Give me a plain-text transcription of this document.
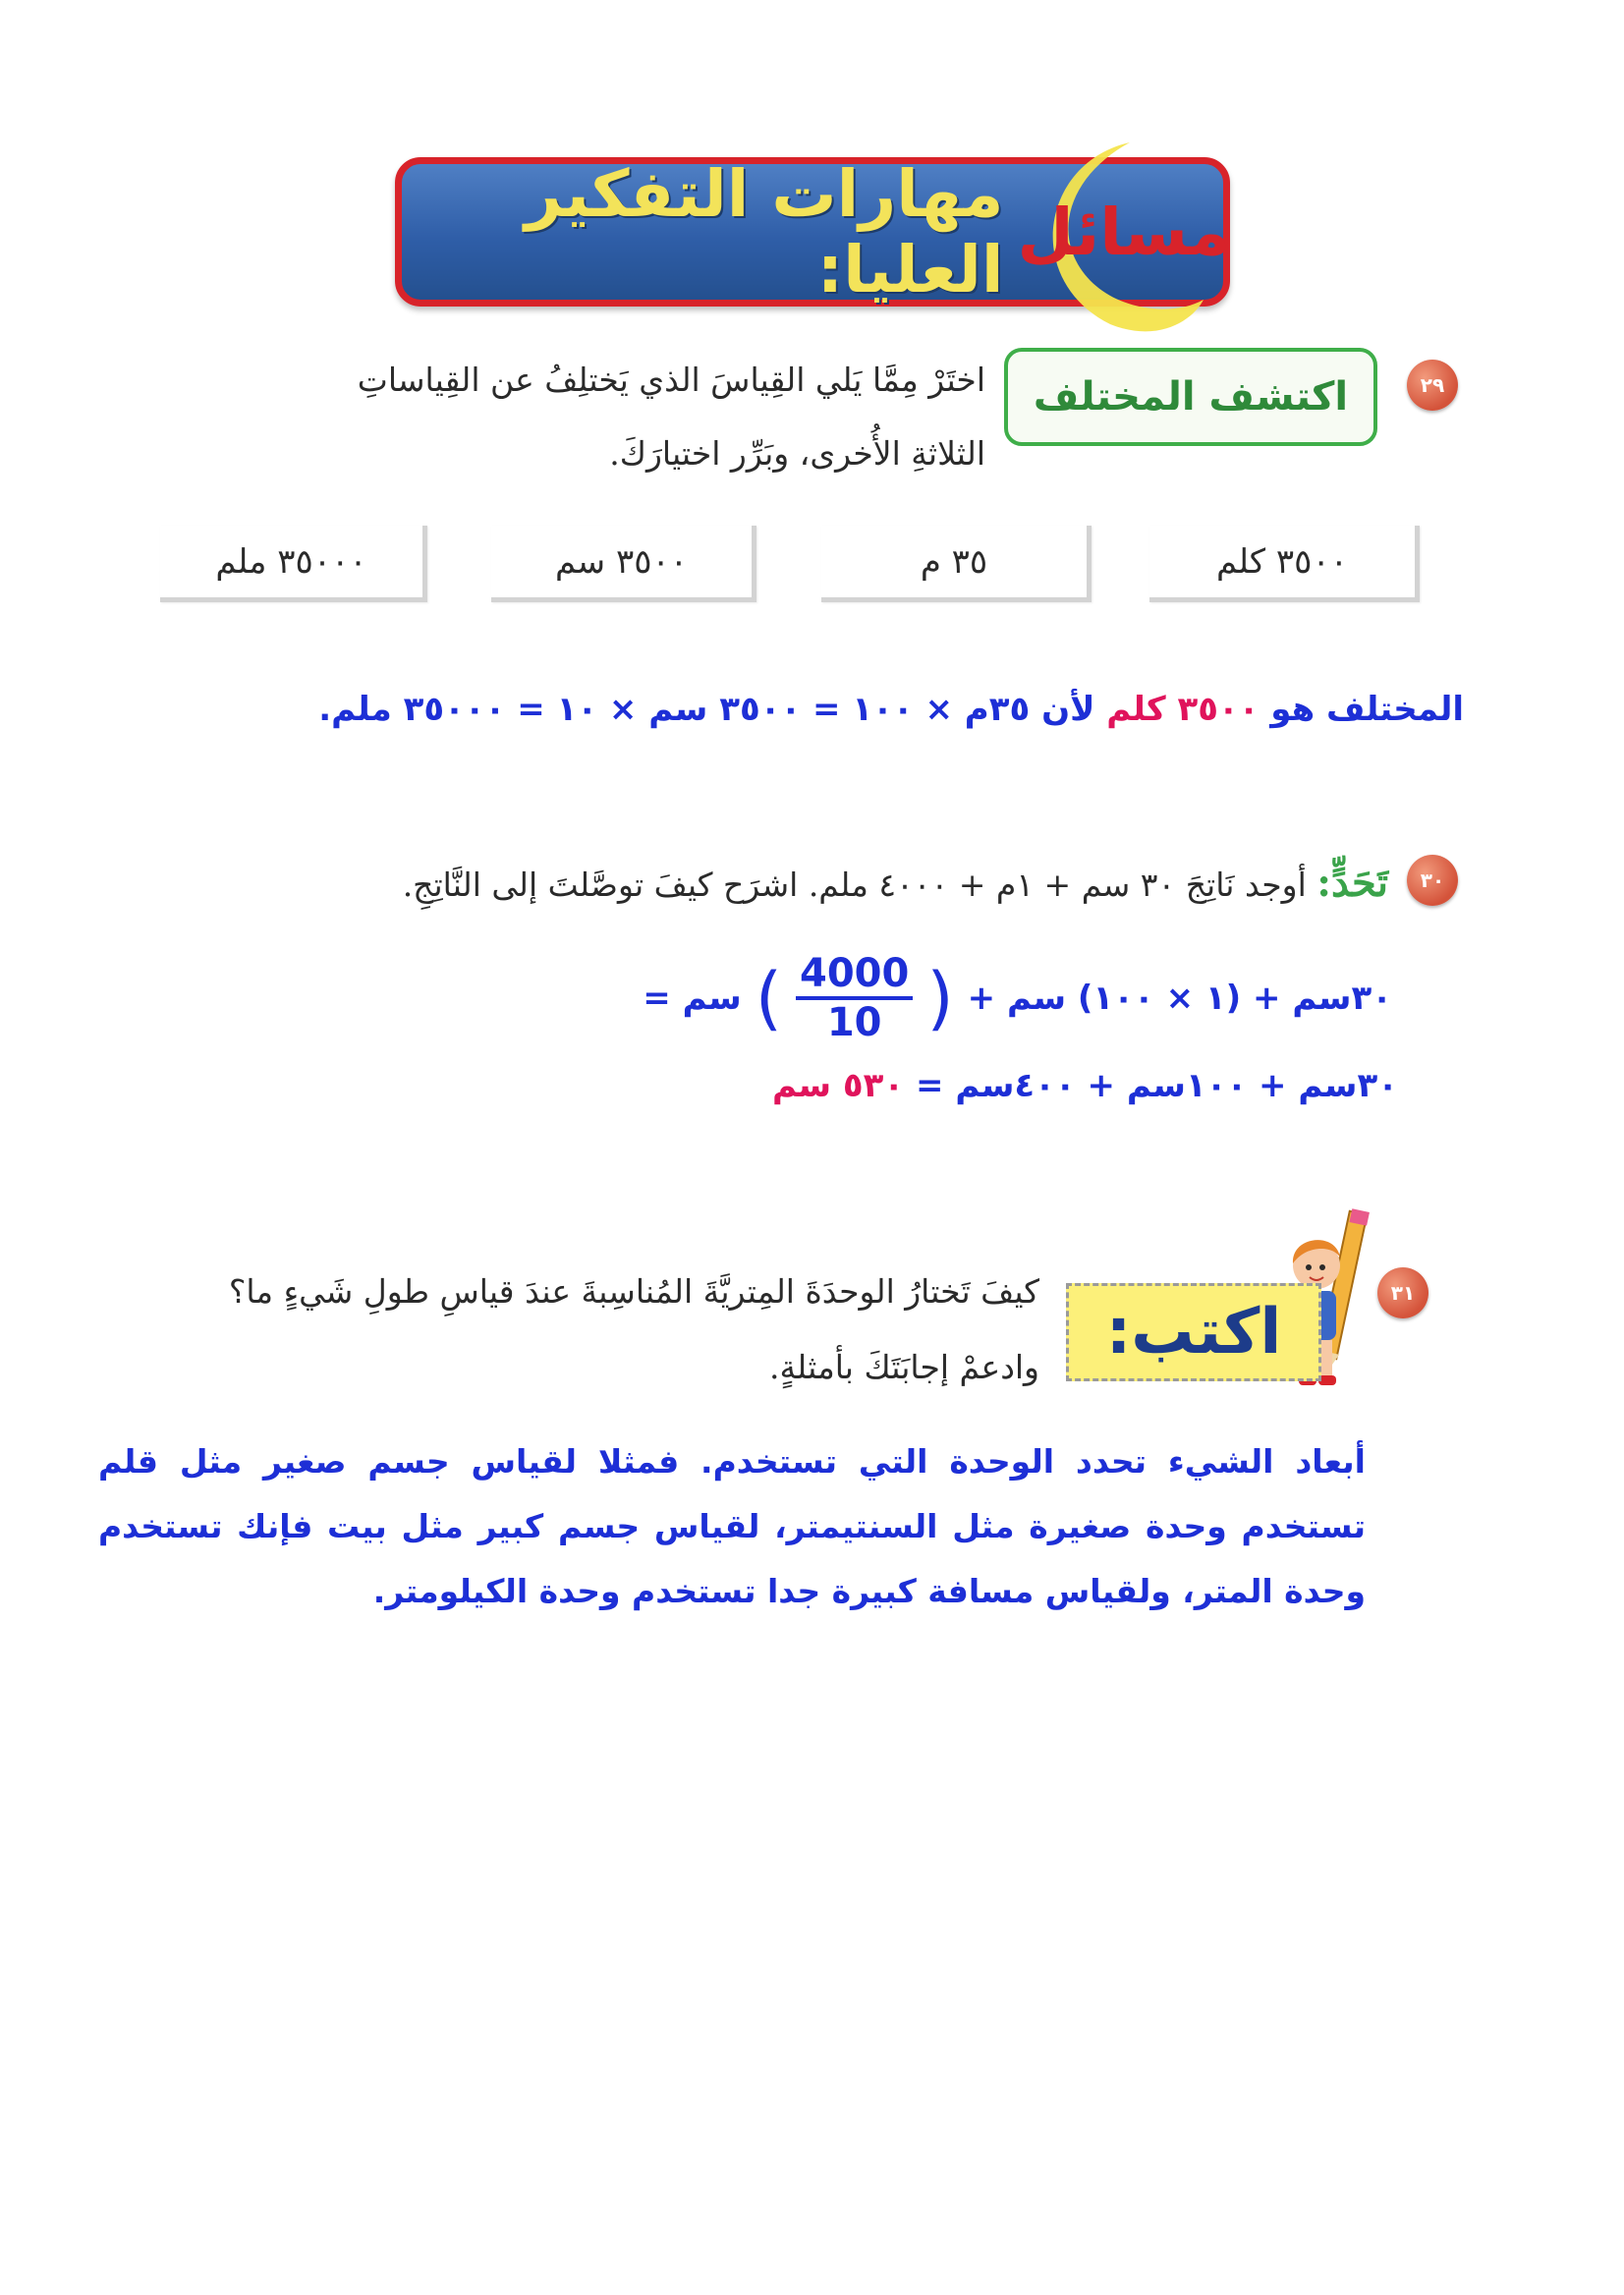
مسائل
مهارات التفكير العليا:
٢٩
اكتشف المختلف
اختَرْ مِمَّا يَلي القِياسَ الذي يَختلِفُ عن القِياساتِ
الثلاثةِ الأُخرى، وبَرِّر اختيارَكَ.
٣٥٠٠ كلم
٣٥ م
٣٥٠٠ سم
٣٥٠٠٠ ملم
المختلف هو ٣٥٠٠ كلم لأن ٣٥م × ١٠٠ = ٣٥٠٠ سم × ١٠ = ٣٥٠٠٠ ملم.
٣٠
تَحَدٍّ: أوجد نَاتِجَ ٣٠ سم + ١م + ٤٠٠٠ ملم. اشرَح كيفَ توصَّلتَ إلى النَّاتِجِ.
٣٠سم + (١ × ١٠٠) سم +
(
$\frac{4000}{10}$
)
سم =
٣٠سم + ١٠٠سم + ٤٠٠سم = ٥٣٠ سم
٣١
اكتب:
كيفَ تَختارُ الوحدَةَ المِتريَّةَ المُناسِبةَ عندَ قياسِ طولِ شَيءٍ ما؟
وادعمْ إجابَتَكَ بأمثلةٍ.
أبعاد الشيء تحدد الوحدة التي تستخدم. فمثلا لقياس جسم صغير مثل قلم تستخدم وحدة صغيرة مثل السنتيمتر، لقياس جسم كبير مثل بيت فإنك تستخدم وحدة المتر، ولقياس مسافة كبيرة جدا تستخدم وحدة الكيلومتر.
